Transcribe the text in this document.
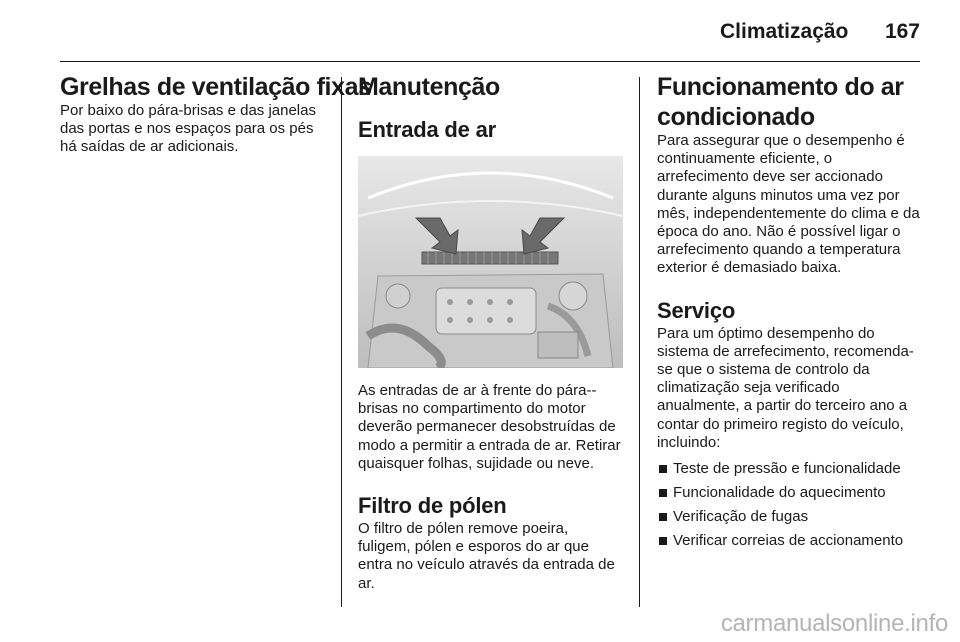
Climatização 167
Grelhas de ventilação fixas

Por baixo do pára-brisas e das janelas das portas e nos espaços para os pés há saídas de ar adicionais.

Manutenção
Entrada de ar

As entradas de ar à frente do pára--brisas no compartimento do motor deverão permanecer desobstruídas de modo a permitir a entrada de ar. Retirar quaisquer folhas, sujidade ou neve.

Filtro de pólen

O filtro de pólen remove poeira, fuligem, pólen e esporos do ar que entra no veículo através da entrada de ar.

Funcionamento do ar condicionado

Para assegurar que o desempenho é continuamente eficiente, o arrefecimento deve ser accionado durante alguns minutos uma vez por mês, independentemente do clima e da época do ano. Não é possível ligar o arrefecimento quando a temperatura exterior é demasiado baixa.

Serviço

Para um óptimo desempenho do sistema de arrefecimento, recomenda-se que o sistema de controlo da climatização seja verificado anualmente, a partir do terceiro ano a contar do primeiro registo do veículo, incluindo:

Teste de pressão e funcionalidade
Funcionalidade do aquecimento
Verificação de fugas
Verificar correias de accionamento
carmanualsonline.info
